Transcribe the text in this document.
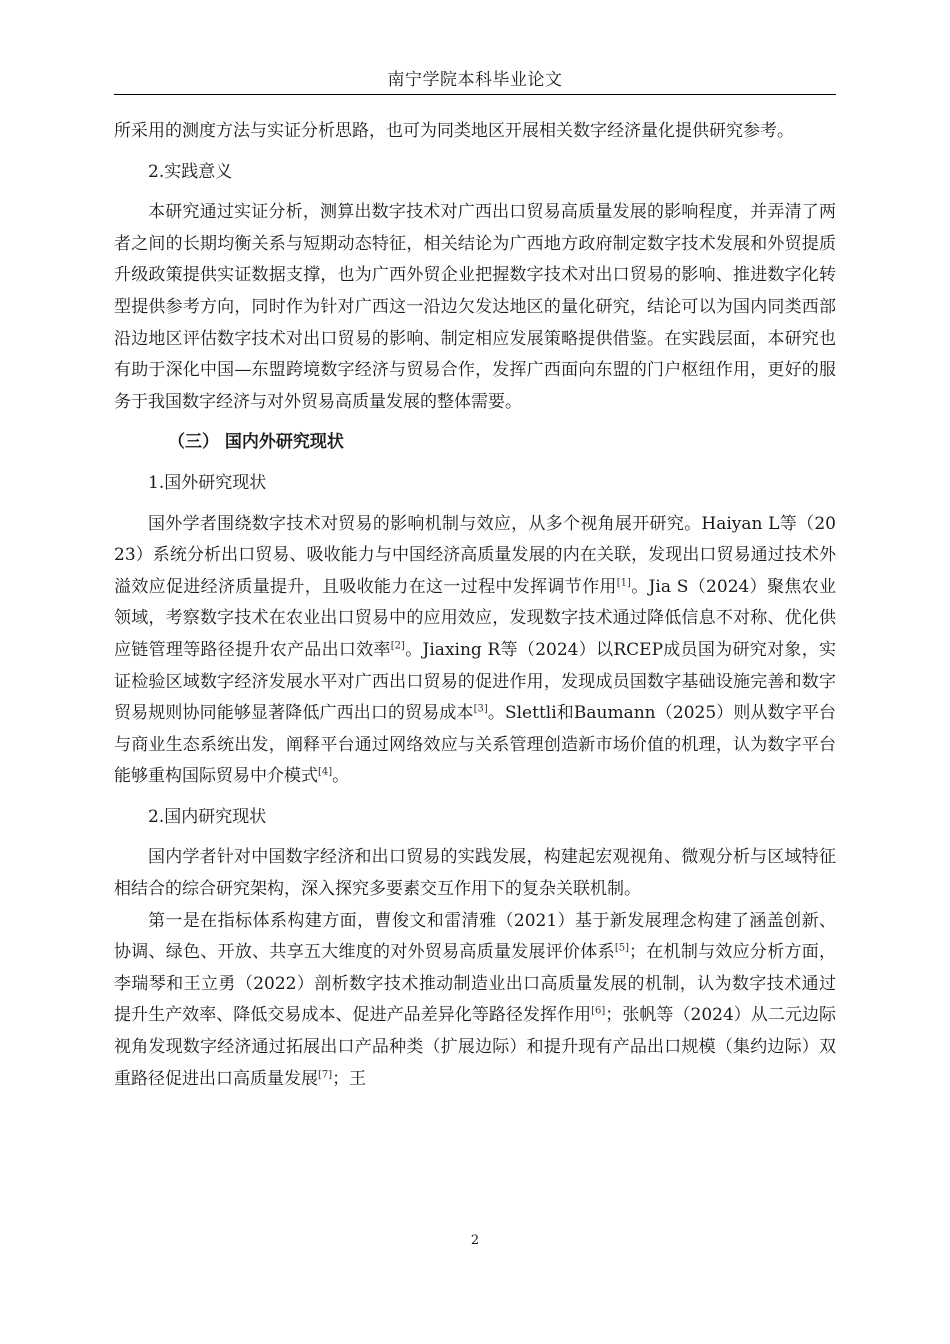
南宁学院本科毕业论文

所采用的测度方法与实证分析思路，也可为同类地区开展相关数字经济量化提供研究参考。

2.实践意义

本研究通过实证分析，测算出数字技术对广西出口贸易高质量发展的影响程度，并弄清了两者之间的长期均衡关系与短期动态特征，相关结论为广西地方政府制定数字技术发展和外贸提质升级政策提供实证数据支撑，也为广西外贸企业把握数字技术对出口贸易的影响、推进数字化转型提供参考方向，同时作为针对广西这一沿边欠发达地区的量化研究，结论可以为国内同类西部沿边地区评估数字技术对出口贸易的影响、制定相应发展策略提供借鉴。在实践层面，本研究也有助于深化中国—东盟跨境数字经济与贸易合作，发挥广西面向东盟的门户枢纽作用，更好的服务于我国数字经济与对外贸易高质量发展的整体需要。

（三） 国内外研究现状

1.国外研究现状

国外学者围绕数字技术对贸易的影响机制与效应，从多个视角展开研究。Haiyan L等（2023）系统分析出口贸易、吸收能力与中国经济高质量发展的内在关联，发现出口贸易通过技术外溢效应促进经济质量提升，且吸收能力在这一过程中发挥调节作用[1]。Jia S（2024）聚焦农业领域，考察数字技术在农业出口贸易中的应用效应，发现数字技术通过降低信息不对称、优化供应链管理等路径提升农产品出口效率[2]。Jiaxing R等（2024）以RCEP成员国为研究对象，实证检验区域数字经济发展水平对广西出口贸易的促进作用，发现成员国数字基础设施完善和数字贸易规则协同能够显著降低广西出口的贸易成本[3]。Slettli和Baumann（2025）则从数字平台与商业生态系统出发，阐释平台通过网络效应与关系管理创造新市场价值的机理，认为数字平台能够重构国际贸易中介模式[4]。

2.国内研究现状

国内学者针对中国数字经济和出口贸易的实践发展，构建起宏观视角、微观分析与区域特征相结合的综合研究架构，深入探究多要素交互作用下的复杂关联机制。

第一是在指标体系构建方面，曹俊文和雷清雅（2021）基于新发展理念构建了涵盖创新、协调、绿色、开放、共享五大维度的对外贸易高质量发展评价体系[5]；在机制与效应分析方面，李瑞琴和王立勇（2022）剖析数字技术推动制造业出口高质量发展的机制，认为数字技术通过提升生产效率、降低交易成本、促进产品差异化等路径发挥作用[6]；张帆等（2024）从二元边际视角发现数字经济通过拓展出口产品种类（扩展边际）和提升现有产品出口规模（集约边际）双重路径促进出口高质量发展[7]；王

2
